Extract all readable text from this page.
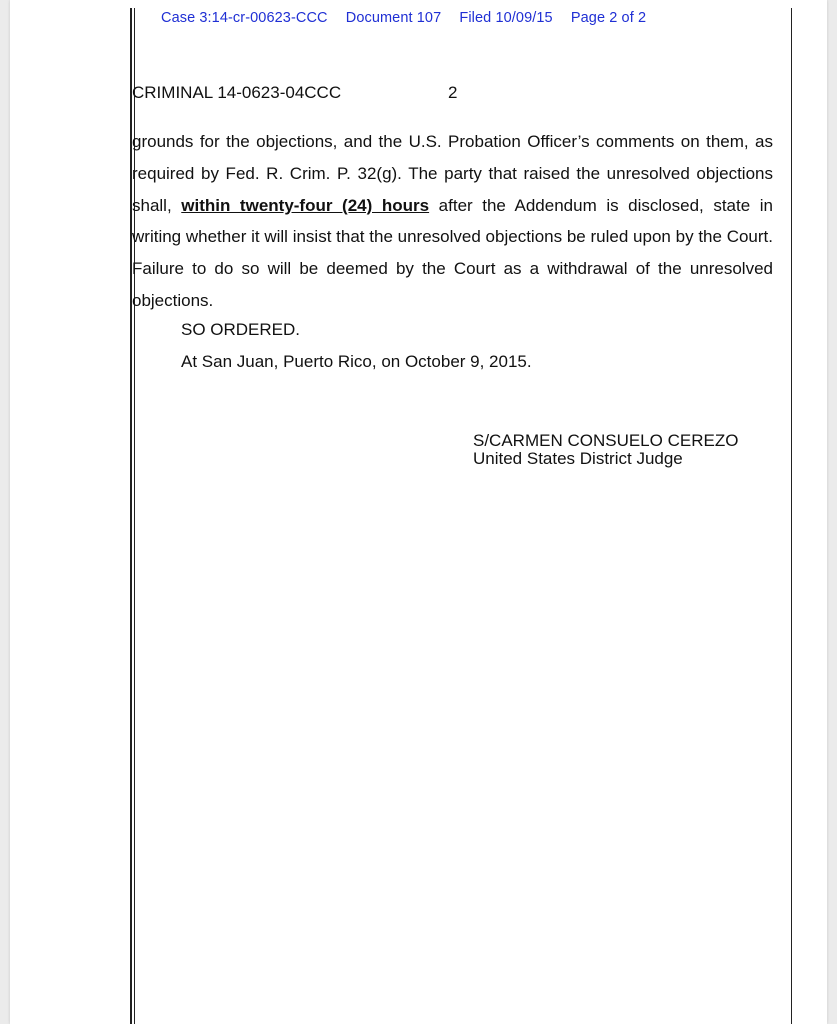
Case 3:14-cr-00623-CCC Document 107 Filed 10/09/15 Page 2 of 2
CRIMINAL 14-0623-04CCC	2
grounds for the objections, and the U.S. Probation Officer’s comments on them, as required by Fed. R. Crim. P. 32(g). The party that raised the unresolved objections shall, within twenty-four (24) hours after the Addendum is disclosed, state in writing whether it will insist that the unresolved objections be ruled upon by the Court. Failure to do so will be deemed by the Court as a withdrawal of the unresolved objections.
SO ORDERED.
At San Juan, Puerto Rico, on October 9, 2015.
S/CARMEN CONSUELO CEREZO
United States District Judge
